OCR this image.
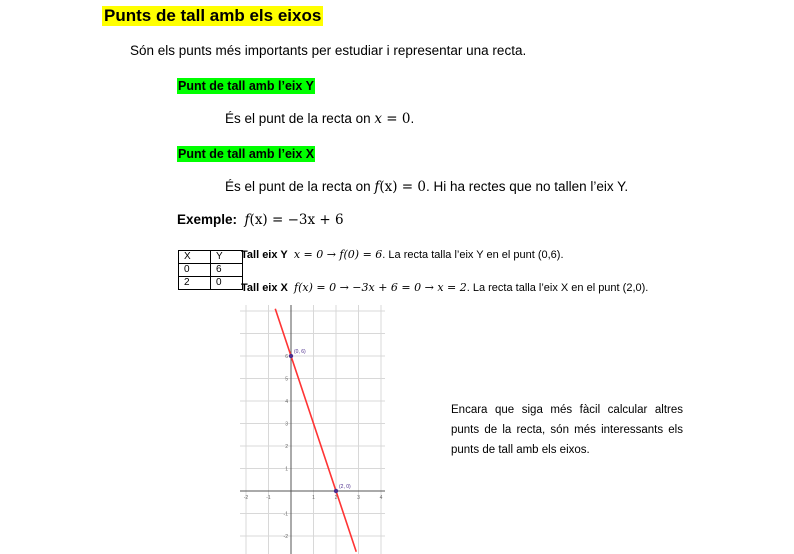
Punts de tall amb els eixos
Són els punts més importants per estudiar i representar una recta.
Punt de tall amb l’eix Y
És el punt de la recta on x = 0.
Punt de tall amb l’eix X
És el punt de la recta on f(x) = 0. Hi ha rectes que no tallen l’eix Y.
Exemple: f(x) = −3x + 6
X	Y
0	6
2	0
Tall eix Y x = 0 → f(0) = 6. La recta talla l’eix Y en el punt (0,6).
Tall eix X f(x) = 0 → −3x + 6 = 0 → x = 2. La recta talla l’eix X en el punt (2,0).
-2	-1	1	2	3	4
6
5
4
3
2
1
-1
-2
(0, 6)
(2, 0)
Encara que siga més fàcil calcular altres punts de la recta, són més interessants els punts de tall amb els eixos.
